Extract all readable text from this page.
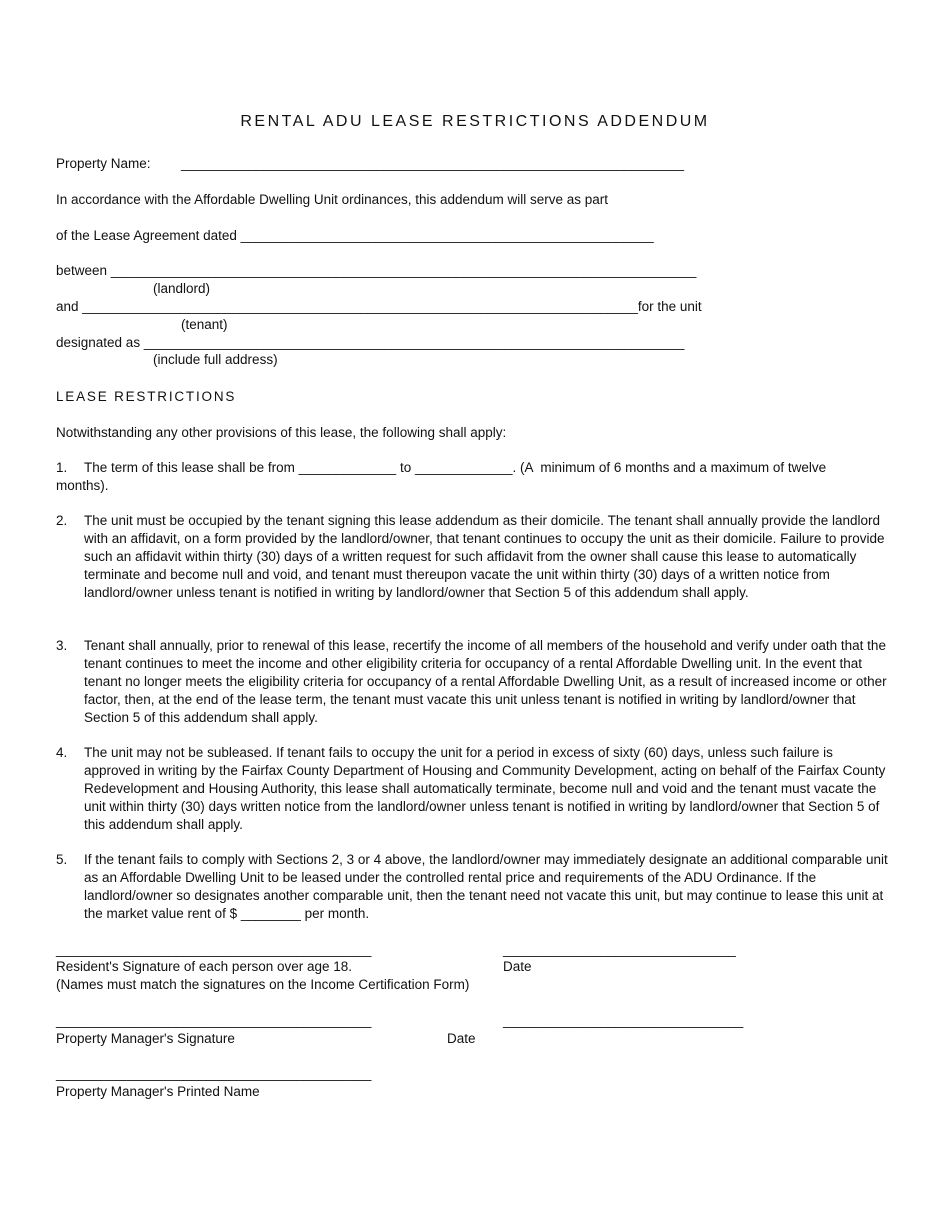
RENTAL ADU LEASE RESTRICTIONS ADDENDUM
Property Name: ___________________________________________________________________
In accordance with the Affordable Dwelling Unit ordinances, this addendum will serve as part
of the Lease Agreement dated _______________________________________________________
between ______________________________________________________________________________
(landlord)
and __________________________________________________________________________for the unit
(tenant)
designated as ________________________________________________________________________
(include full address)
LEASE RESTRICTIONS
Notwithstanding any other provisions of this lease, the following shall apply:
1. The term of this lease shall be from _____________ to _____________. (A  minimum of 6 months and a maximum of twelve
months).
2. The unit must be occupied by the tenant signing this lease addendum as their domicile. The tenant shall annually provide the landlord with an affidavit, on a form provided by the landlord/owner, that tenant continues to occupy the unit as their domicile. Failure to provide such an affidavit within thirty (30) days of a written request for such affidavit from the owner shall cause this lease to automatically terminate and become null and void, and tenant must thereupon vacate the unit within thirty (30) days of a written notice from landlord/owner unless tenant is notified in writing by landlord/owner that Section 5 of this addendum shall apply.
3. Tenant shall annually, prior to renewal of this lease, recertify the income of all members of the household and verify under oath that the tenant continues to meet the income and other eligibility criteria for occupancy of a rental Affordable Dwelling unit. In the event that tenant no longer meets the eligibility criteria for occupancy of a rental Affordable Dwelling Unit, as a result of increased income or other factor, then, at the end of the lease term, the tenant must vacate this unit unless tenant is notified in writing by landlord/owner that Section 5 of this addendum shall apply.
4. The unit may not be subleased. If tenant fails to occupy the unit for a period in excess of sixty (60) days, unless such failure is approved in writing by the Fairfax County Department of Housing and Community Development, acting on behalf of the Fairfax County Redevelopment and Housing Authority, this lease shall automatically terminate, become null and void and the tenant must vacate the unit within thirty (30) days written notice from the landlord/owner unless tenant is notified in writing by landlord/owner that Section 5 of this addendum shall apply.
5. If the tenant fails to comply with Sections 2, 3 or 4 above, the landlord/owner may immediately designate an additional comparable unit as an Affordable Dwelling Unit to be leased under the controlled rental price and requirements of the ADU Ordinance. If the landlord/owner so designates another comparable unit, then the tenant need not vacate this unit, but may continue to lease this unit at the market value rent of $ ________ per month.
__________________________________________	_______________________________
Resident's Signature of each person over age 18.	Date
(Names must match the signatures on the Income Certification Form)
__________________________________________	________________________________
Property Manager's Signature	Date
__________________________________________
Property Manager's Printed Name
